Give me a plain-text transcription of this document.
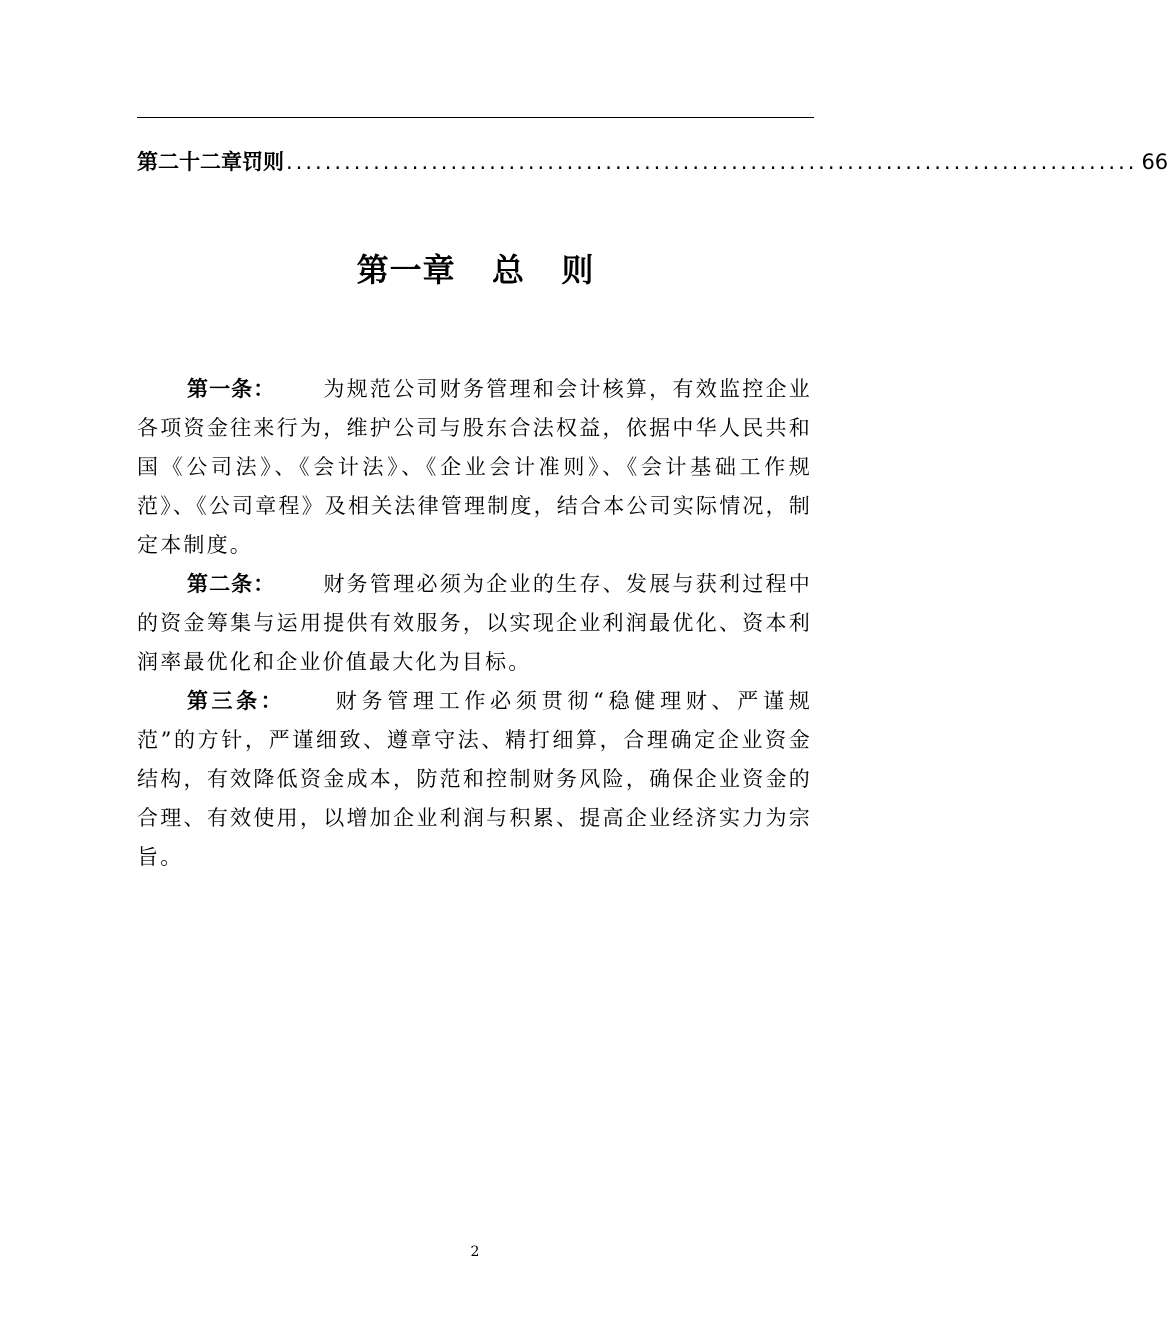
第二十二章 罚则 ........................................................................................ 66
第一章   总   则

第一条： 为规范公司财务管理和会计核算，有效监控企业各项资金往来行为，维护公司与股东合法权益，依据中华人民共和国《公司法》、《会计法》、《企业会计准则》、《会计基础工作规范》、《公司章程》及相关法律管理制度，结合本公司实际情况，制定本制度。

第二条： 财务管理必须为企业的生存、发展与获利过程中的资金筹集与运用提供有效服务，以实现企业利润最优化、资本利润率最优化和企业价值最大化为目标。

第三条： 财务管理工作必须贯彻“稳健理财、严谨规范”的方针，严谨细致、遵章守法、精打细算，合理确定企业资金结构，有效降低资金成本，防范和控制财务风险，确保企业资金的合理、有效使用，以增加企业利润与积累、提高企业经济实力为宗旨。

2
